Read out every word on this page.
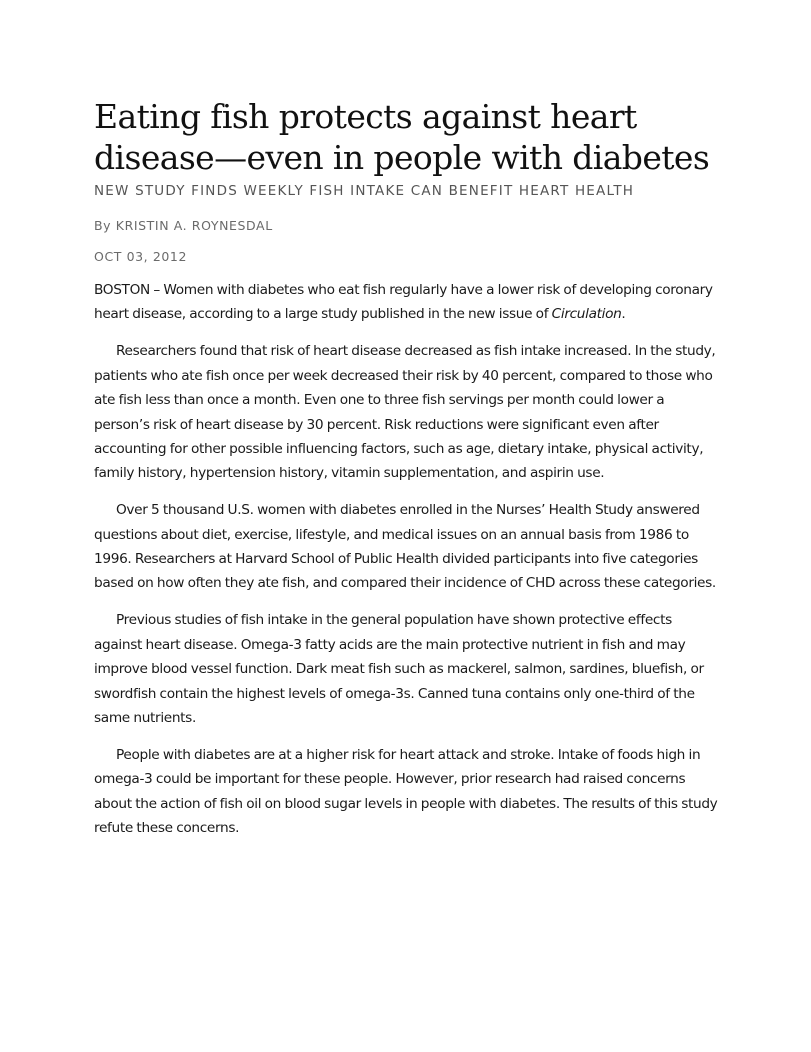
Eating fish protects against heart
disease—even in people with diabetes
NEW STUDY FINDS WEEKLY FISH INTAKE CAN BENEFIT HEART HEALTH
By KRISTIN A. ROYNESDAL
OCT 03, 2012

BOSTON – Women with diabetes who eat fish regularly have a lower risk of developing coronary heart disease, according to a large study published in the new issue of Circulation.

Researchers found that risk of heart disease decreased as fish intake increased. In the study, patients who ate fish once per week decreased their risk by 40 percent, compared to those who ate fish less than once a month. Even one to three fish servings per month could lower a person’s risk of heart disease by 30 percent. Risk reductions were significant even after accounting for other possible influencing factors, such as age, dietary intake, physical activity, family history, hypertension history, vitamin supplementation, and aspirin use.

Over 5 thousand U.S. women with diabetes enrolled in the Nurses’ Health Study answered questions about diet, exercise, lifestyle, and medical issues on an annual basis from 1986 to 1996. Researchers at Harvard School of Public Health divided participants into five categories based on how often they ate fish, and compared their incidence of CHD across these categories.

Previous studies of fish intake in the general population have shown protective effects against heart disease. Omega-3 fatty acids are the main protective nutrient in fish and may improve blood vessel function. Dark meat fish such as mackerel, salmon, sardines, bluefish, or swordfish contain the highest levels of omega-3s. Canned tuna contains only one-third of the same nutrients.

People with diabetes are at a higher risk for heart attack and stroke. Intake of foods high in omega-3 could be important for these people. However, prior research had raised concerns about the action of fish oil on blood sugar levels in people with diabetes. The results of this study refute these concerns.
